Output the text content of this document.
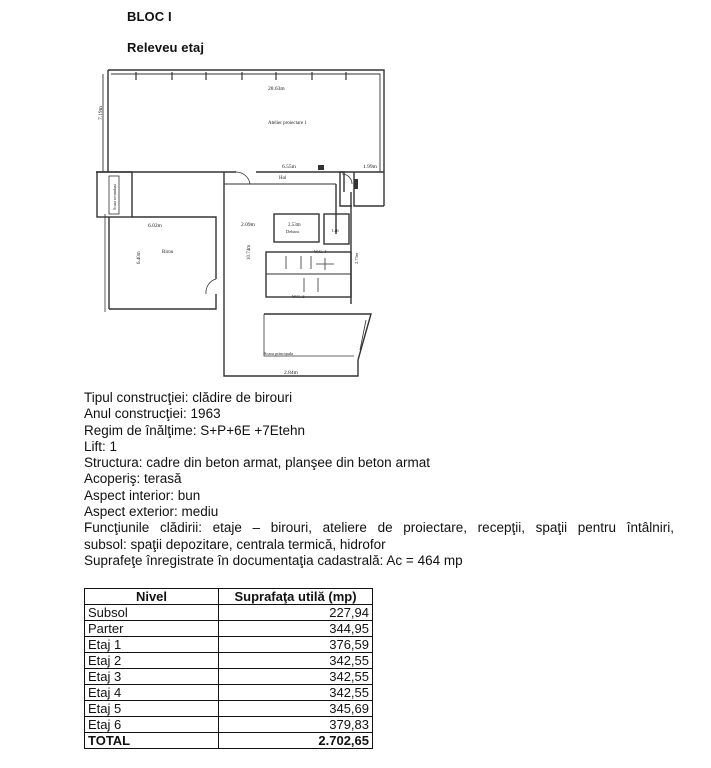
BLOC I

Releveu etaj

28.63m
7.19m
Atelier proiectare 1
Hol
6.55m	1.99m
6.02m
Birou
6.40m
2.09m
10.74m
2.53m
Debara	Lift
W.C. 1
W.C. 2
Scara secundara
Scara principala
2.84m
2.75m
Tipul construcţiei: clădire de birouri
Anul construcţiei: 1963
Regim de înălţime: S+P+6E +7Etehn
Lift: 1
Structura: cadre din beton armat, planşee din beton armat
Acoperiş: terasă
Aspect interior: bun
Aspect exterior: mediu
Funcţiunile clădirii: etaje – birouri, ateliere de proiectare, recepţii, spaţii pentru întâlniri,
subsol: spaţii depozitare, centrala termică, hidrofor
Suprafeţe înregistrate în documentaţia cadastrală: Ac = 464 mp
Nivel	Suprafaţa utilă (mp)
Subsol	227,94
Parter	344,95
Etaj 1	376,59
Etaj 2	342,55
Etaj 3	342,55
Etaj 4	342,55
Etaj 5	345,69
Etaj 6	379,83
TOTAL	2.702,65
